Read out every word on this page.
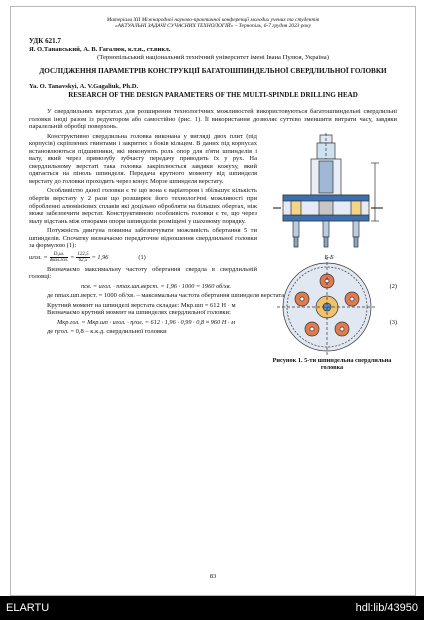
Матеріали ХІІ Міжнародної науково-практичної конференції молодих учених та студентів
«АКТУАЛЬНІ ЗАДАЧІ СУЧАСНИХ ТЕХНОЛОГІЙ» – Тернопіль, 6-7 грудня 2023 року
УДК 621.7
Я. О.Танавський, А. В. Гагалюк, к.т.н., ст.викл.
(Тернопільський національний технічний університет імені Івана Пулюя, Україна)
ДОСЛІДЖЕННЯ ПАРАМЕТРІВ КОНСТРУКЦІЇ БАГАТОШПИНДЕЛЬНОЇ СВЕРДЛИЛЬНОЇ ГОЛОВКИ
Ya. O. Tanavskyi, A. V.Gagaliuk, Ph.D.
RESEARCH OF THE DESIGN PARAMETERS OF THE MULTI-SPINDLE DRILLING HEAD

У свердлильних верстатах для розширення технологічних можливостей використовуються багатошпиндельні свердлильні головки іноді разом із редуктором або самостійно (рис. 1). Її використання дозволяє суттєво зменшити витрати часу, завдяки паралельній обробці поверхонь.

Конструктивно свердлильна головка виконана у вигляді двох плит (під корпусів) скріплених гвинтами і закритих з боків кільцем. В даних під корпусах встановлюються підшипники, які виконують роль опор для п'яти шпинделів і валу, який через прямозубу зубчасту передачу приводить їх у рух. На свердлильному верстаті така головка закріплюється завдяки кожуху, який одягається на піноль шпинделя. Передача крутного моменту від шпинделя верстату до головки проходить через конус Морзе шпинделя верстату.

Особливістю даної головки є те що вона є варіатором і збільшує кількість обертів верстату у 2 рази що розширює його технологічні можливості при обробленні алюмінієвих сплавів які доцільно обробляти на більших обертах, ніж може забезпечити верстат. Конструктивною особливість головки є те, що через малу відстань між отворами опори шпинделів розміщені у шаховому порядку.

Потужність двигуна повинна забезпечувати можливість обертання 5 ти шпинделів. Спочатку визначаємо передаточне відношення свердлильної головки за формулою (1):

uгол. = $\frac{\text{D₅ш.}}{\text{dвал.гол.}} = \frac{122,5}{62,5} = 1,96$	(1)

Визначаємо максимальну частоту обертання свердла в свердлильній головці:

Б-Б
Рисунок 1. 5-ти шпиндельна свердлильна головка
nсв. = uгол. · nmax.шп.верст. = 1,96 · 1000 = 1960 об/хв.	(2)

де nmax.шп.верст. = 1000 об/хв. – максимальна частота обертання шпинделя верстата

Крутний момент на шпинделі верстата складає: Mкр.шп = 612 Н · м

Визначаємо крутний момент на шпинделях свердлильної головки:

Mкр.гол. = Mкр.шп · uгол. · ηгол. = 612 · 1,96 · 0,99 · 0,8 ≈ 960 Н · м	(3)

де ηгол. = 0,8 – к.к.д. свердлильної головки

83
ELARTU	hdl:lib/43950
